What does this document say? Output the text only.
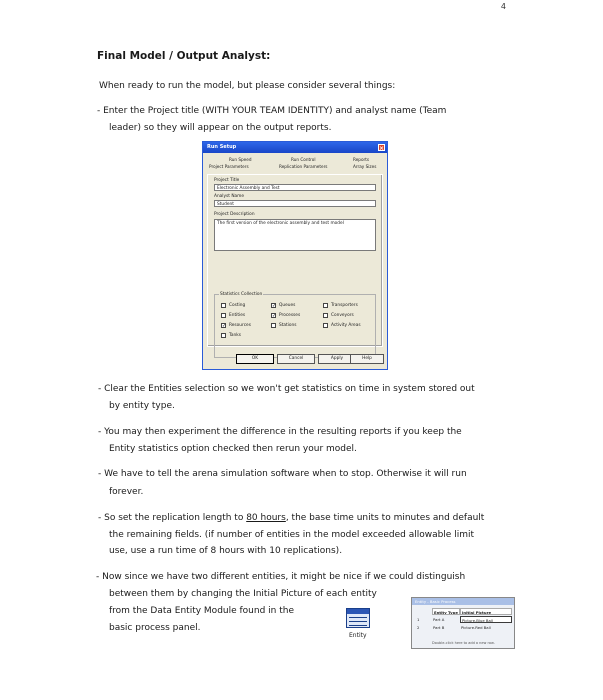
4
Final Model / Output Analyst:
When ready to run the model, but please consider several things:
- Enter the Project title (WITH YOUR TEAM IDENTITY) and analyst name (Team
leader) so they will appear on the output reports.
Run Setup	×
Run Speed	Run Control	Reports
Project Parameters	Replication Parameters	Array Sizes
Project Title
Electronic Assembly and Test
Analyst Name
Student
Project Description
The first version of the electronic assembly and test model
Statistics Collection
Costing	✓ Queues	Transporters
Entities	✓ Processes	Conveyors
✓ Resources	Stations	Activity Areas
Tanks
OK	Cancel	Apply	Help
- Clear the Entities selection so we won't get statistics on time in system stored out
by entity type.
- You may then experiment the difference in the resulting reports if you keep the
Entity statistics option checked then rerun your model.
- We have to tell the arena simulation software when to stop. Otherwise it will run
forever.
- So set the replication length to 80 hours, the base time units to minutes and default
the remaining fields. (if number of entities in the model exceeded allowable limit
use, use a run time of 8 hours with 10 replications).
- Now since we have two different entities, it might be nice if we could distinguish
between them by changing the Initial Picture of each entity
from the Data Entity Module found in the
basic process panel.
Entity
Entity - Basic Process
Entity Type	Initial Picture
1	Part A	Picture.Blue Ball
2	Part B	Picture.Red Ball
Double-click here to add a new row.
